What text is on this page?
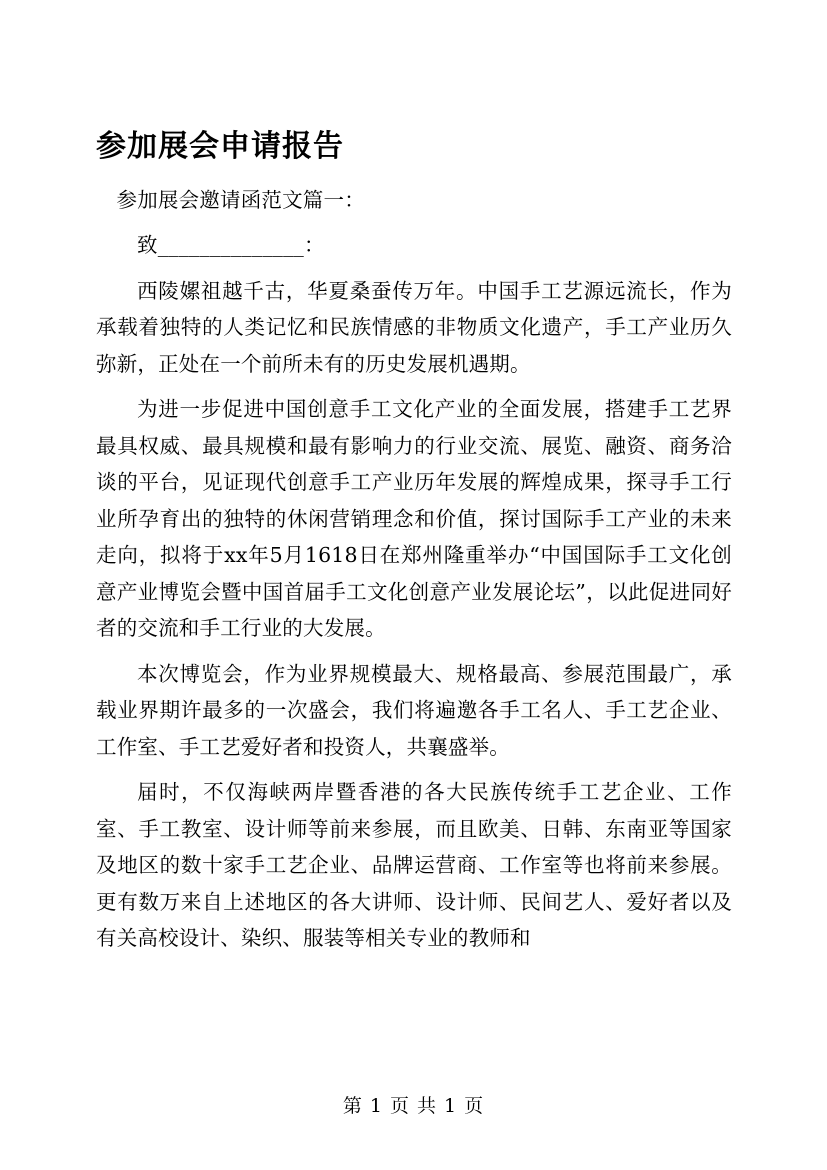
参加展会申请报告

参加展会邀请函范文篇一：

致______________：

西陵嫘祖越千古，华夏桑蚕传万年。中国手工艺源远流长，作为承载着独特的人类记忆和民族情感的非物质文化遗产，手工产业历久弥新，正处在一个前所未有的历史发展机遇期。

为进一步促进中国创意手工文化产业的全面发展，搭建手工艺界最具权威、最具规模和最有影响力的行业交流、展览、融资、商务洽谈的平台，见证现代创意手工产业历年发展的辉煌成果，探寻手工行业所孕育出的独特的休闲营销理念和价值，探讨国际手工产业的未来走向，拟将于xx年5月1618日在郑州隆重举办“中国国际手工文化创意产业博览会暨中国首届手工文化创意产业发展论坛”，以此促进同好者的交流和手工行业的大发展。

本次博览会，作为业界规模最大、规格最高、参展范围最广，承载业界期许最多的一次盛会，我们将遍邀各手工名人、手工艺企业、工作室、手工艺爱好者和投资人，共襄盛举。

届时，不仅海峡两岸暨香港的各大民族传统手工艺企业、工作室、手工教室、设计师等前来参展，而且欧美、日韩、东南亚等国家及地区的数十家手工艺企业、品牌运营商、工作室等也将前来参展。更有数万来自上述地区的各大讲师、设计师、民间艺人、爱好者以及有关高校设计、染织、服装等相关专业的教师和

第 1 页 共 1 页
